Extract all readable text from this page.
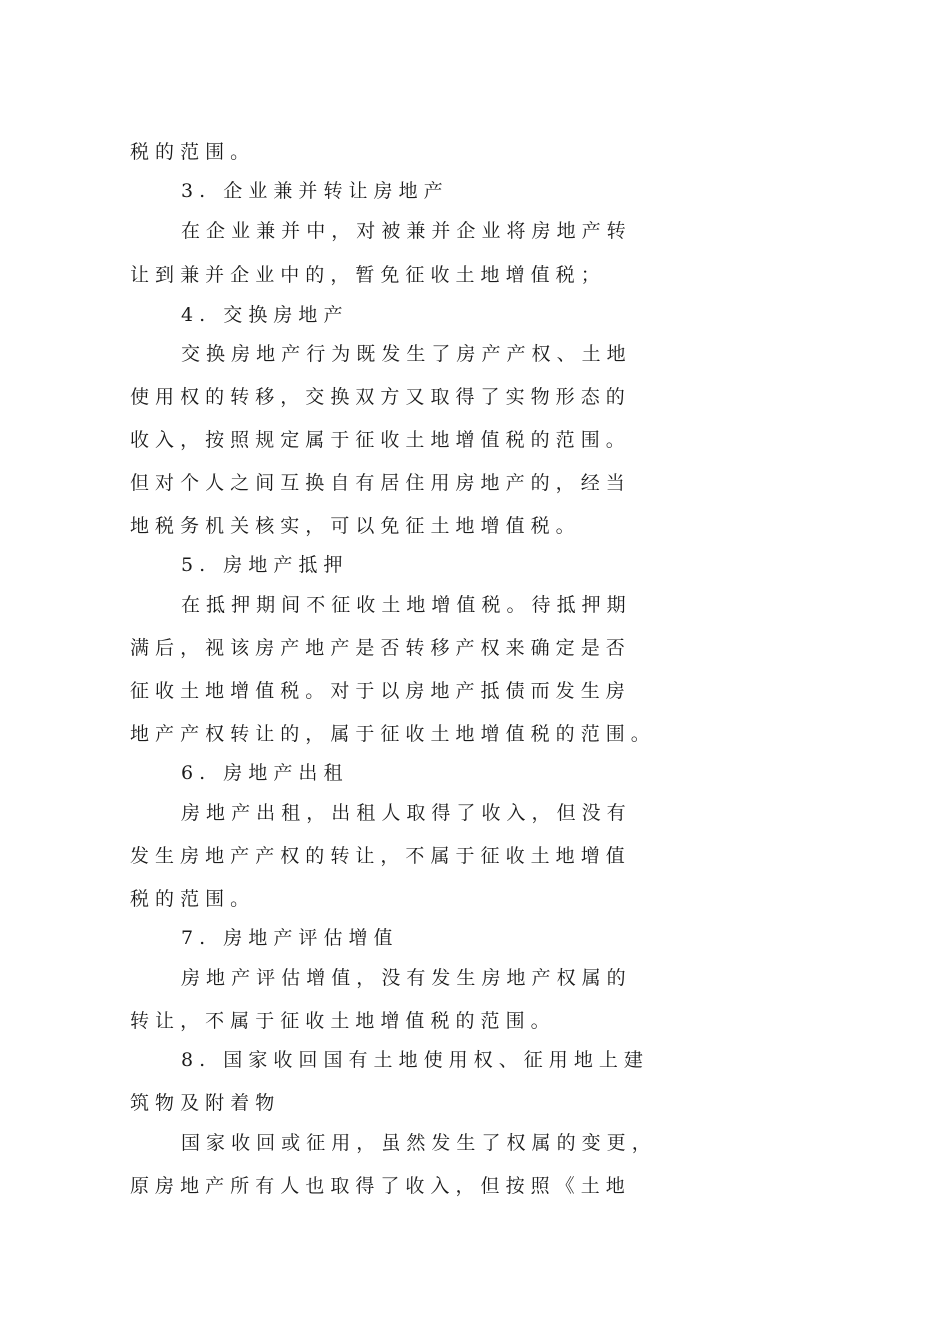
税 的 范 围 。

3 .   企 业 兼 并 转 让 房 地 产

在 企 业 兼 并 中 ， 对 被 兼 并 企 业 将 房 地 产 转

让 到 兼 并 企 业 中 的 ， 暂 免 征 收 土 地 增 值 税 ；

4 .   交 换 房 地 产

交 换 房 地 产 行 为 既 发 生 了 房 产 产 权 、 土 地

使 用 权 的 转 移 ， 交 换 双 方 又 取 得 了 实 物 形 态 的

收 入 ， 按 照 规 定 属 于 征 收 土 地 增 值 税 的 范 围 。

但 对 个 人 之 间 互 换 自 有 居 住 用 房 地 产 的 ， 经 当

地 税 务 机 关 核 实 ， 可 以 免 征 土 地 增 值 税 。

5 .   房 地 产 抵 押

在 抵 押 期 间 不 征 收 土 地 增 值 税 。 待 抵 押 期

满 后 ， 视 该 房 产 地 产 是 否 转 移 产 权 来 确 定 是 否

征 收 土 地 增 值 税 。 对 于 以 房 地 产 抵 债 而 发 生 房

地 产 产 权 转 让 的 ， 属 于 征 收 土 地 增 值 税 的 范 围 。

6 .   房 地 产 出 租

房 地 产 出 租 ， 出 租 人 取 得 了 收 入 ， 但 没 有

发 生 房 地 产 产 权 的 转 让 ， 不 属 于 征 收 土 地 增 值

税 的 范 围 。

7 .   房 地 产 评 估 增 值

房 地 产 评 估 增 值 ， 没 有 发 生 房 地 产 权 属 的

转 让 ， 不 属 于 征 收 土 地 增 值 税 的 范 围 。

8 .   国 家 收 回 国 有 土 地 使 用 权 、 征 用 地 上 建

筑 物 及 附 着 物

国 家 收 回 或 征 用 ， 虽 然 发 生 了 权 属 的 变 更 ，

原 房 地 产 所 有 人 也 取 得 了 收 入 ， 但 按 照 《 土 地
